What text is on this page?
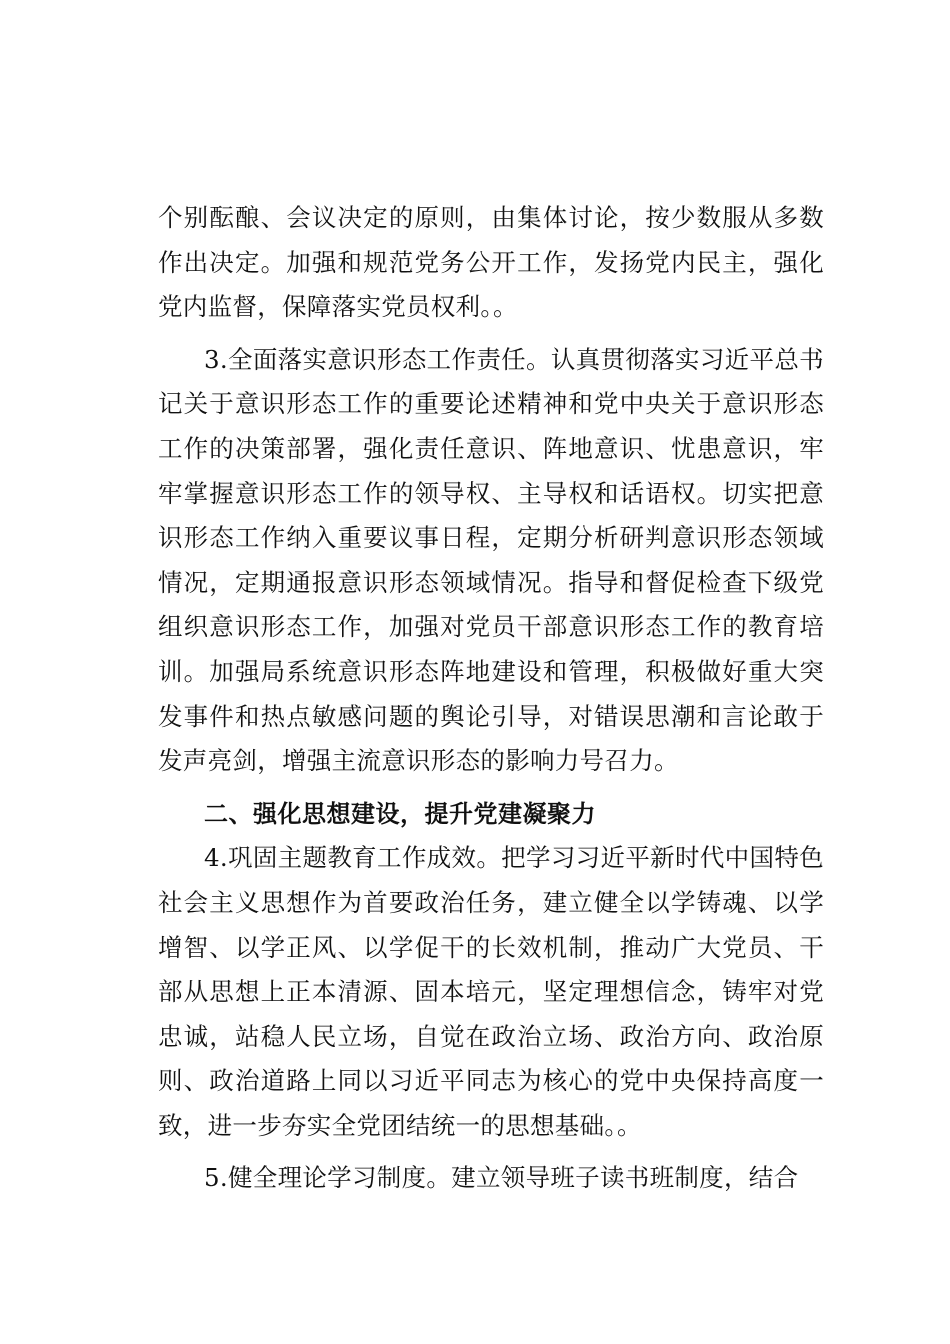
个别酝酿、会议决定的原则，由集体讨论，按少数服从多数作出决定。加强和规范党务公开工作，发扬党内民主，强化党内监督，保障落实党员权利。。

3.全面落实意识形态工作责任。认真贯彻落实习近平总书记关于意识形态工作的重要论述精神和党中央关于意识形态工作的决策部署，强化责任意识、阵地意识、忧患意识，牢牢掌握意识形态工作的领导权、主导权和话语权。切实把意识形态工作纳入重要议事日程，定期分析研判意识形态领域情况，定期通报意识形态领域情况。指导和督促检查下级党组织意识形态工作，加强对党员干部意识形态工作的教育培训。加强局系统意识形态阵地建设和管理，积极做好重大突发事件和热点敏感问题的舆论引导，对错误思潮和言论敢于发声亮剑，增强主流意识形态的影响力号召力。

二、强化思想建设，提升党建凝聚力

4.巩固主题教育工作成效。把学习习近平新时代中国特色社会主义思想作为首要政治任务，建立健全以学铸魂、以学增智、以学正风、以学促干的长效机制，推动广大党员、干部从思想上正本清源、固本培元，坚定理想信念，铸牢对党忠诚，站稳人民立场，自觉在政治立场、政治方向、政治原则、政治道路上同以习近平同志为核心的党中央保持高度一致，进一步夯实全党团结统一的思想基础。。

5.健全理论学习制度。建立领导班子读书班制度，结合
